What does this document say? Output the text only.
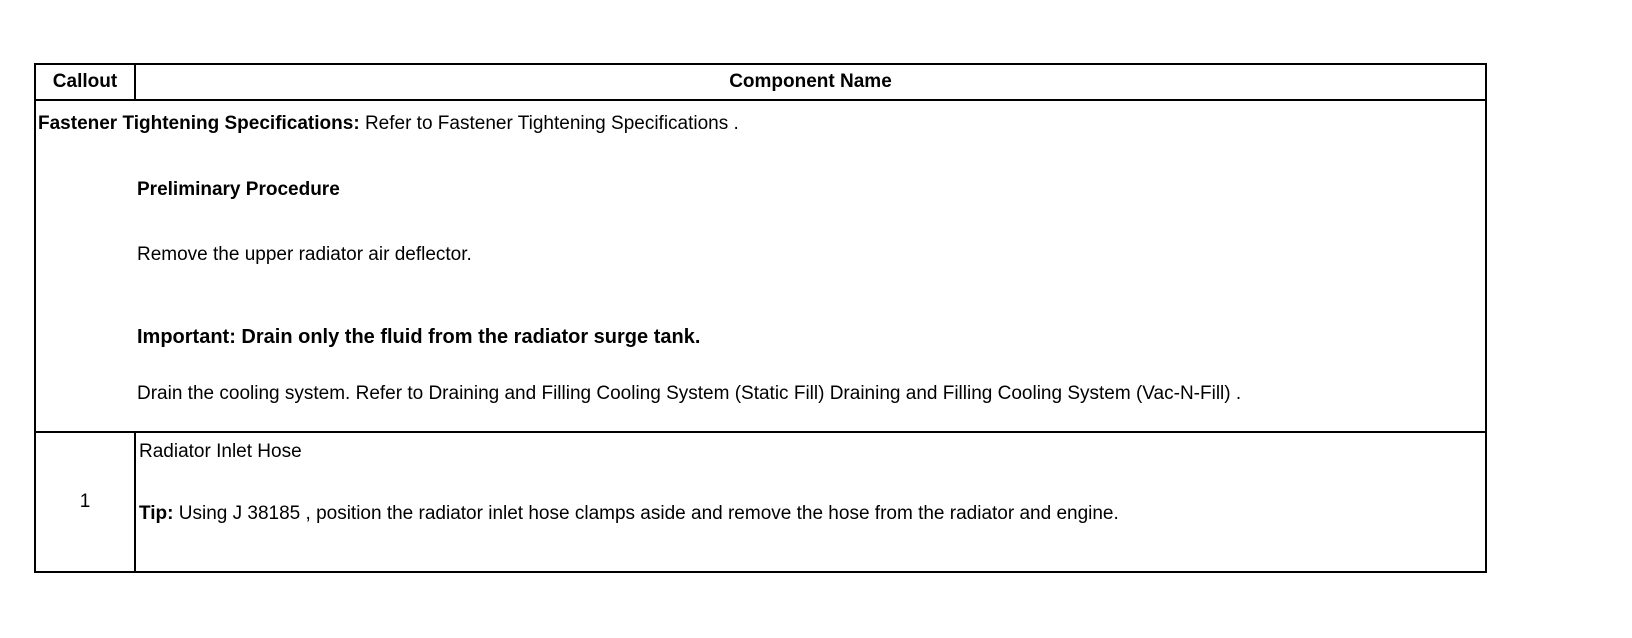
Callout	Component Name

Fastener Tightening Specifications: Refer to Fastener Tightening Specifications .
Preliminary Procedure
Remove the upper radiator air deflector.
Important: Drain only the fluid from the radiator surge tank.
Drain the cooling system. Refer to Draining and Filling Cooling System (Static Fill) Draining and Filling Cooling System (Vac-N-Fill) .	

1	Radiator Inlet Hose
Tip: Using J 38185 , position the radiator inlet hose clamps aside and remove the hose from the radiator and engine.
